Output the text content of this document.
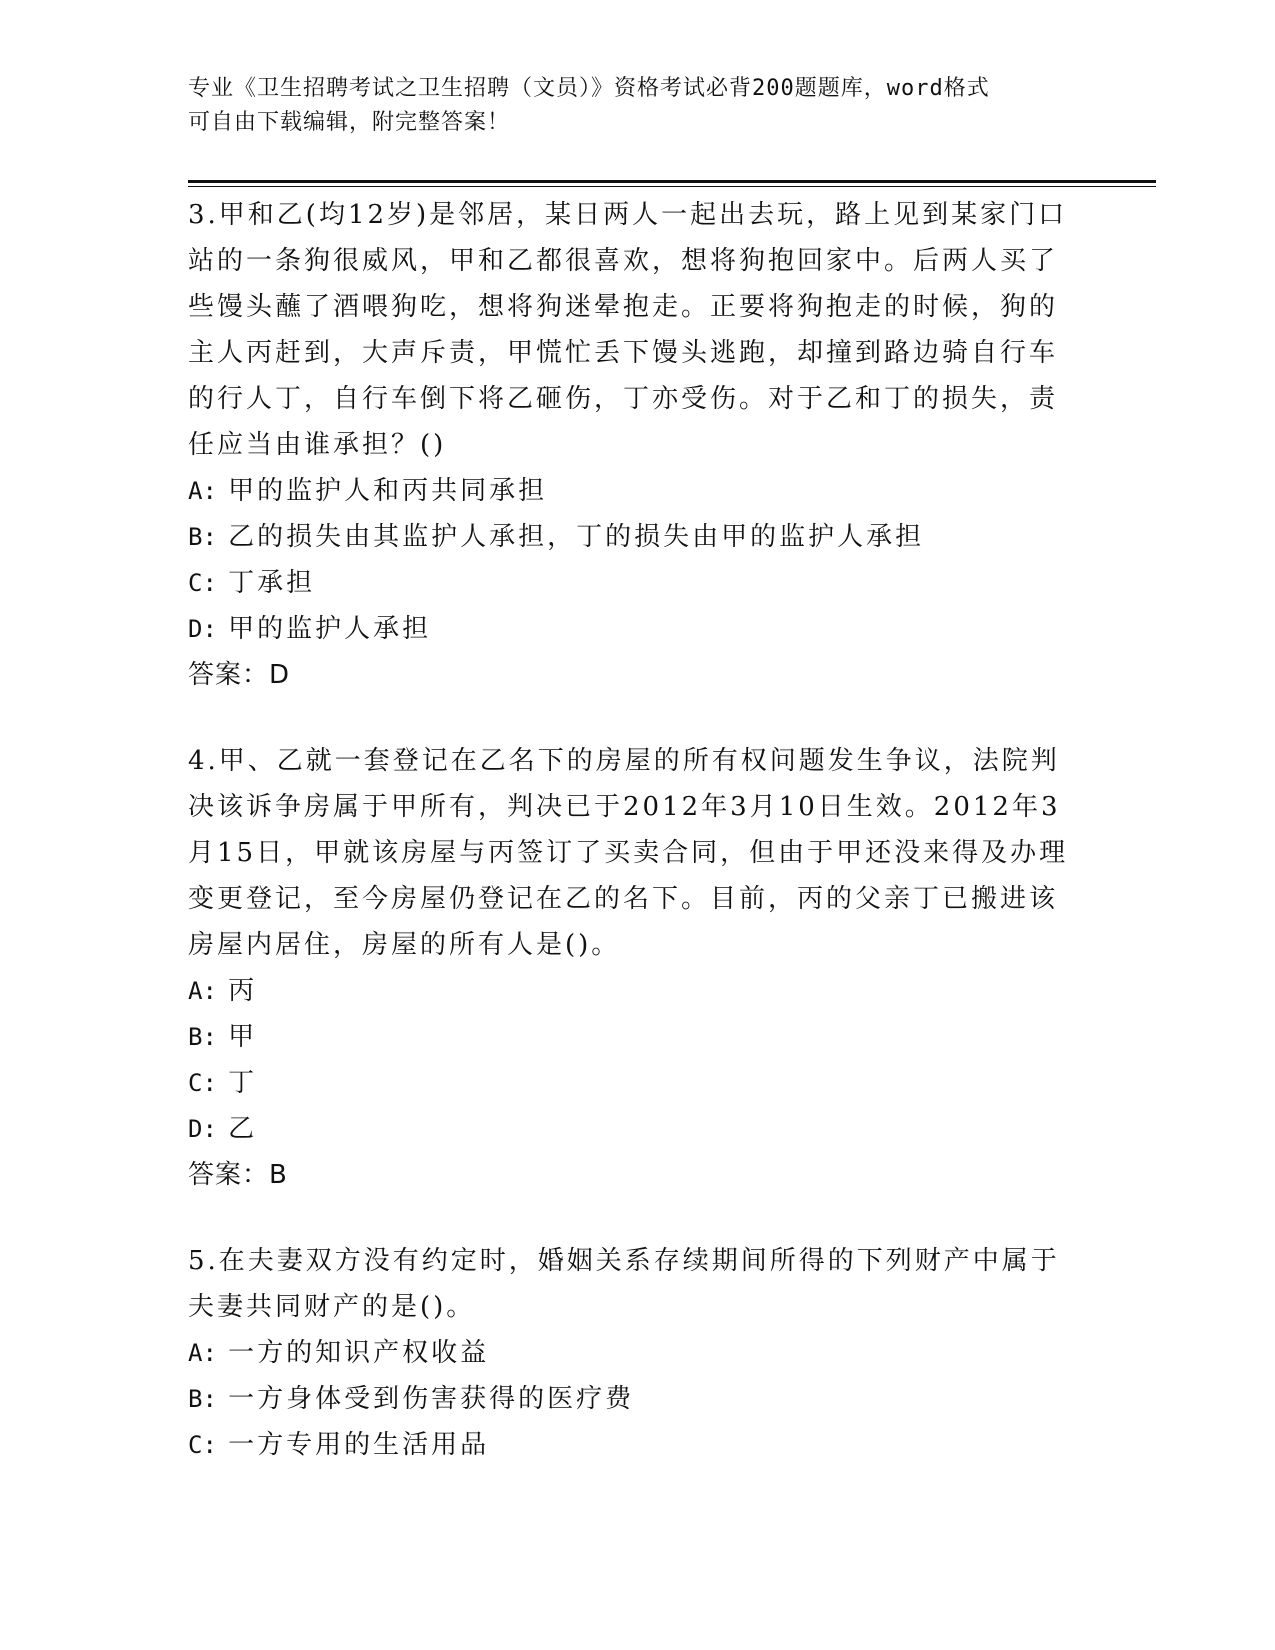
专业《卫生招聘考试之卫生招聘（文员）》资格考试必背200题题库，word格式
可自由下载编辑，附完整答案！
3.甲和乙(均12岁)是邻居，某日两人一起出去玩，路上见到某家门口站的一条狗很威风，甲和乙都很喜欢，想将狗抱回家中。后两人买了些馒头蘸了酒喂狗吃，想将狗迷晕抱走。正要将狗抱走的时候，狗的主人丙赶到，大声斥责，甲慌忙丢下馒头逃跑，却撞到路边骑自行车的行人丁，自行车倒下将乙砸伤，丁亦受伤。对于乙和丁的损失，责任应当由谁承担？()
A: 甲的监护人和丙共同承担
B: 乙的损失由其监护人承担，丁的损失由甲的监护人承担
C: 丁承担
D: 甲的监护人承担
答案：D
4.甲、乙就一套登记在乙名下的房屋的所有权问题发生争议，法院判决该诉争房属于甲所有，判决已于2012年3月10日生效。2012年3月15日，甲就该房屋与丙签订了买卖合同，但由于甲还没来得及办理变更登记，至今房屋仍登记在乙的名下。目前，丙的父亲丁已搬进该房屋内居住，房屋的所有人是()。
A: 丙
B: 甲
C: 丁
D: 乙
答案：B
5.在夫妻双方没有约定时，婚姻关系存续期间所得的下列财产中属于夫妻共同财产的是()。
A: 一方的知识产权收益
B: 一方身体受到伤害获得的医疗费
C: 一方专用的生活用品
